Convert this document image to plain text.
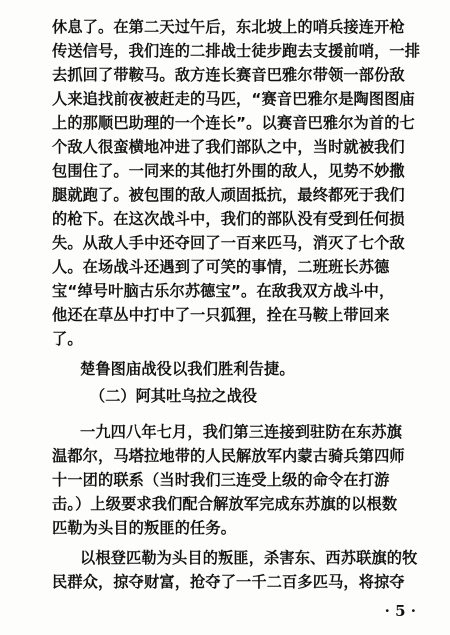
休息了。在第二天过午后，东北坡上的哨兵接连开枪
传送信号，我们连的二排战士徒步跑去支援前哨，一排
去抓回了带鞍马。敌方连长赛音巴雅尔带领一部份敌
人来追找前夜被赶走的马匹，“赛音巴雅尔是陶图图庙
上的那顺巴助理的一个连长”。以赛音巴雅尔为首的七
个敌人很蛮横地冲进了我们部队之中，当时就被我们
包围住了。一同来的其他打外围的敌人，见势不妙撒
腿就跑了。被包围的敌人顽固抵抗，最终都死于我们
的枪下。在这次战斗中，我们的部队没有受到任何损
失。从敌人手中还夺回了一百来匹马，消灭了七个敌
人。在场战斗还遇到了可笑的事情，二班班长苏德
宝“绰号叶脑古乐尔苏德宝”。在敌我双方战斗中，
他还在草丛中打中了一只狐狸，拴在马鞍上带回来
了。
楚鲁图庙战役以我们胜利告捷。
（二）阿其吐乌拉之战役
一九四八年七月，我们第三连接到驻防在东苏旗
温都尔，马塔拉地带的人民解放军内蒙古骑兵第四师
十一团的联系（当时我们三连受上级的命令在打游
击。）上级要求我们配合解放军完成东苏旗的以根数
匹勒为头目的叛匪的任务。
以根登匹勒为头目的叛匪，杀害东、西苏联旗的牧
民群众，掠夺财富，抢夺了一千二百多匹马，将掠夺
· 5 ·
